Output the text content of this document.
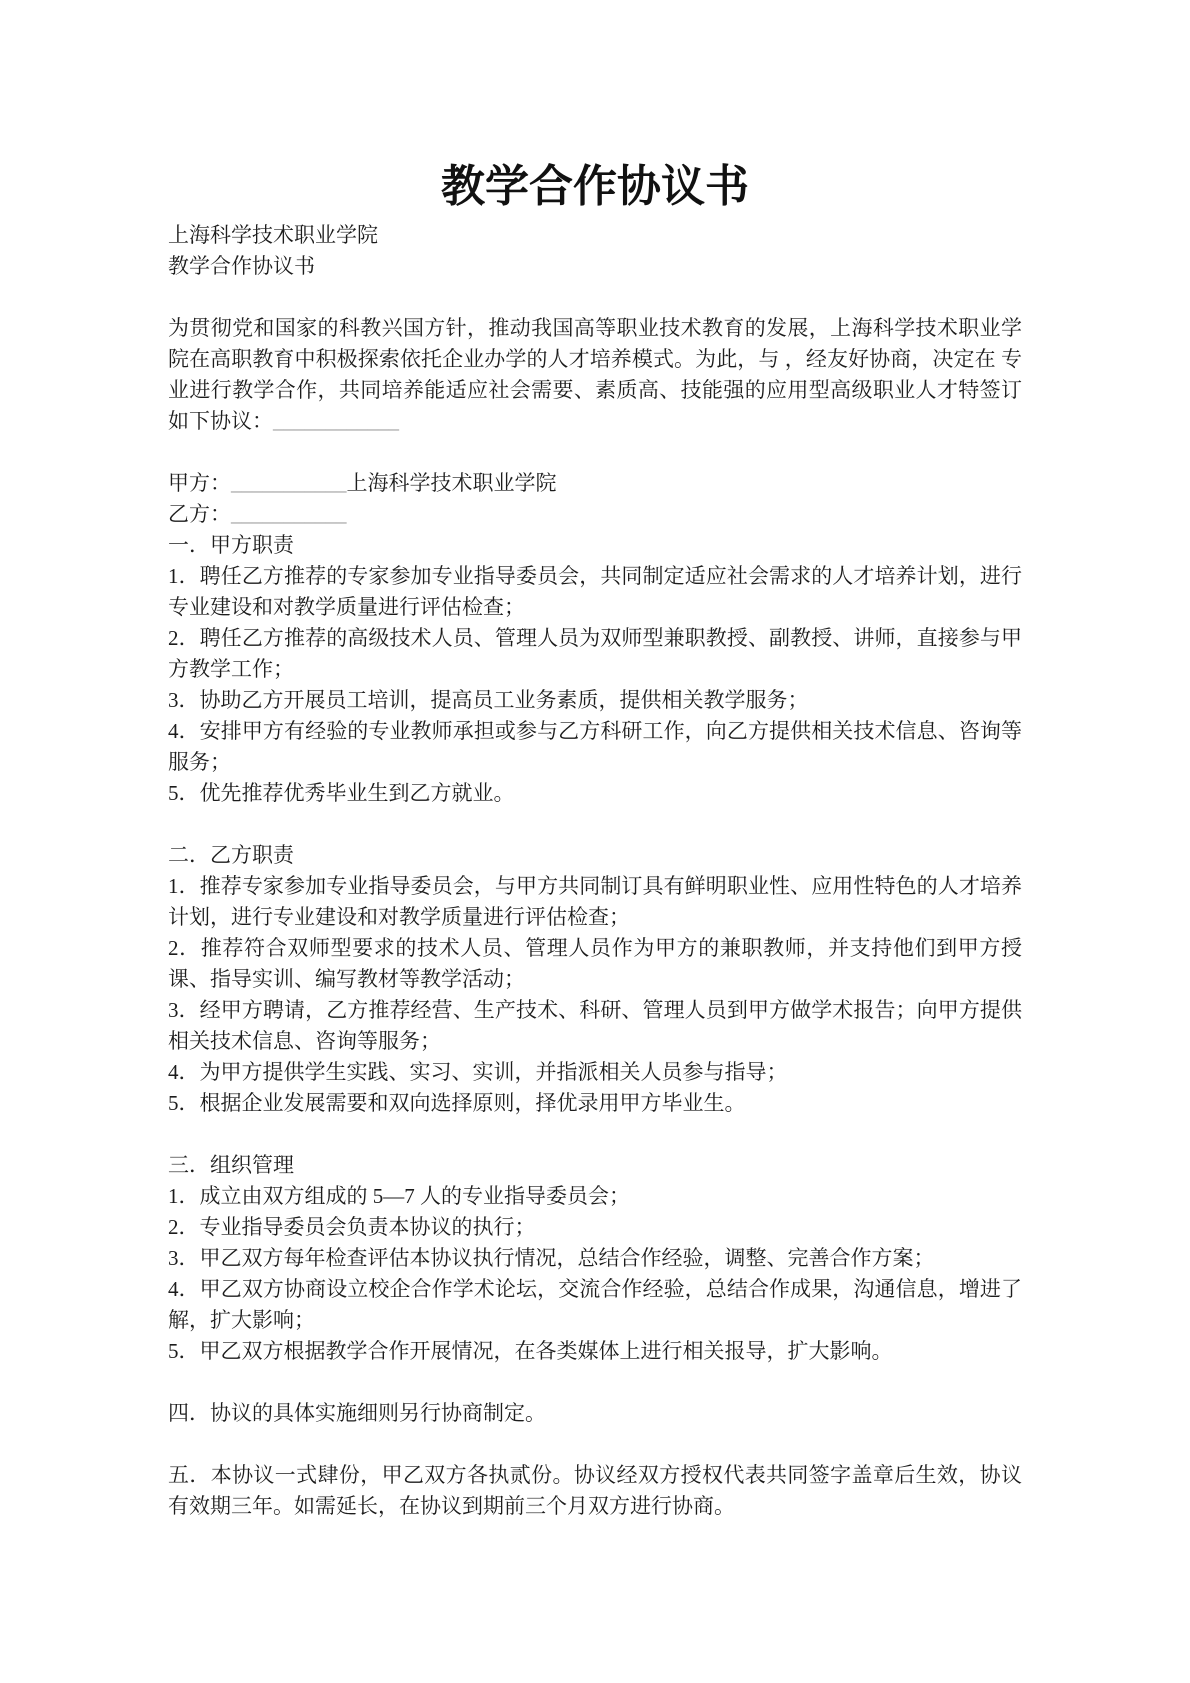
教学合作协议书

上海科学技术职业学院

教学合作协议书

为贯彻党和国家的科教兴国方针，推动我国高等职业技术教育的发展，上海科学技术职业学院在高职教育中积极探索依托企业办学的人才培养模式。为此，与 ，经友好协商，决定在 专业进行教学合作，共同培养能适应社会需要、素质高、技能强的应用型高级职业人才特签订如下协议：____________

甲方：___________上海科学技术职业学院

乙方：___________

一．甲方职责

1．聘任乙方推荐的专家参加专业指导委员会，共同制定适应社会需求的人才培养计划，进行专业建设和对教学质量进行评估检查；

2．聘任乙方推荐的高级技术人员、管理人员为双师型兼职教授、副教授、讲师，直接参与甲方教学工作；

3．协助乙方开展员工培训，提高员工业务素质，提供相关教学服务；

4．安排甲方有经验的专业教师承担或参与乙方科研工作，向乙方提供相关技术信息、咨询等服务；

5．优先推荐优秀毕业生到乙方就业。

二．乙方职责

1．推荐专家参加专业指导委员会，与甲方共同制订具有鲜明职业性、应用性特色的人才培养计划，进行专业建设和对教学质量进行评估检查；

2．推荐符合双师型要求的技术人员、管理人员作为甲方的兼职教师，并支持他们到甲方授课、指导实训、编写教材等教学活动；

3．经甲方聘请，乙方推荐经营、生产技术、科研、管理人员到甲方做学术报告；向甲方提供相关技术信息、咨询等服务；

4．为甲方提供学生实践、实习、实训，并指派相关人员参与指导；

5．根据企业发展需要和双向选择原则，择优录用甲方毕业生。

三．组织管理

1．成立由双方组成的 5—7 人的专业指导委员会；

2．专业指导委员会负责本协议的执行；

3．甲乙双方每年检查评估本协议执行情况，总结合作经验，调整、完善合作方案；

4．甲乙双方协商设立校企合作学术论坛，交流合作经验，总结合作成果，沟通信息，增进了解，扩大影响；

5．甲乙双方根据教学合作开展情况，在各类媒体上进行相关报导，扩大影响。

四．协议的具体实施细则另行协商制定。

五．本协议一式肆份，甲乙双方各执贰份。协议经双方授权代表共同签字盖章后生效，协议有效期三年。如需延长，在协议到期前三个月双方进行协商。
